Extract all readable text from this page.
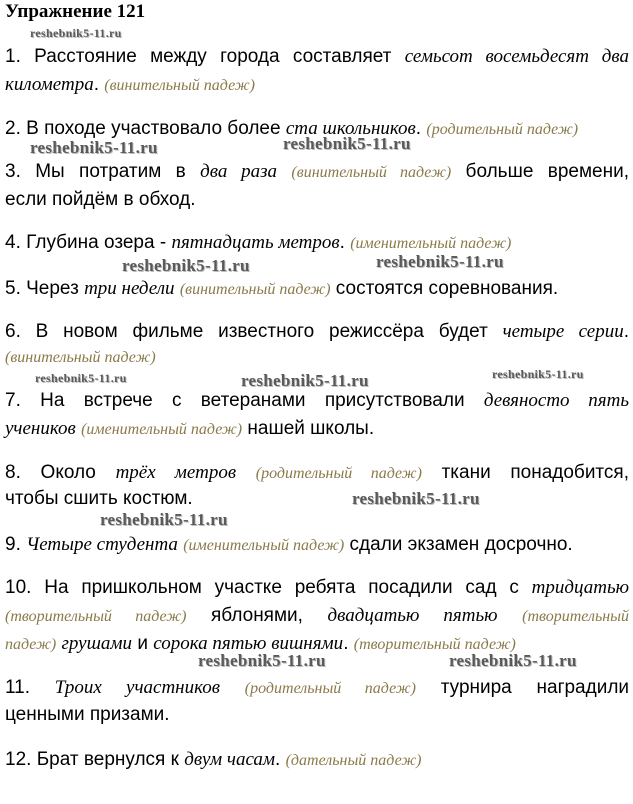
Упражнение 121
reshebnik5-11.ru
reshebnik5-11.ru	reshebnik5-11.ru
reshebnik5-11.ru	reshebnik5-11.ru
reshebnik5-11.ru	reshebnik5-11.ru	reshebnik5-11.ru
reshebnik5-11.ru
reshebnik5-11.ru
reshebnik5-11.ru	reshebnik5-11.ru
1. Расстояние между города составляет семьсот восемьдесят два
километра. (винительный падеж)
2. В походе участвовало более ста школьников. (родительный падеж)
3. Мы потратим в два раза (винительный падеж) больше времени,
если пойдём в обход.
4. Глубина озера - пятнадцать метров. (именительный падеж)
5. Через три недели (винительный падеж) состоятся соревнования.
6. В новом фильме известного режиссёра будет четыре серии.
(винительный падеж)
7. На встрече с ветеранами присутствовали девяносто пять
учеников (именительный падеж) нашей школы.
8. Около трёх метров (родительный падеж) ткани понадобится,
чтобы сшить костюм.
9. Четыре студента (именительный падеж) сдали экзамен досрочно.
10. На пришкольном участке ребята посадили сад с тридцатью
(творительный падеж) яблонями, двадцатью пятью (творительный
падеж) грушами и сорока пятью вишнями. (творительный падеж)
11. Троих участников (родительный падеж) турнира наградили
ценными призами.
12. Брат вернулся к двум часам. (дательный падеж)
